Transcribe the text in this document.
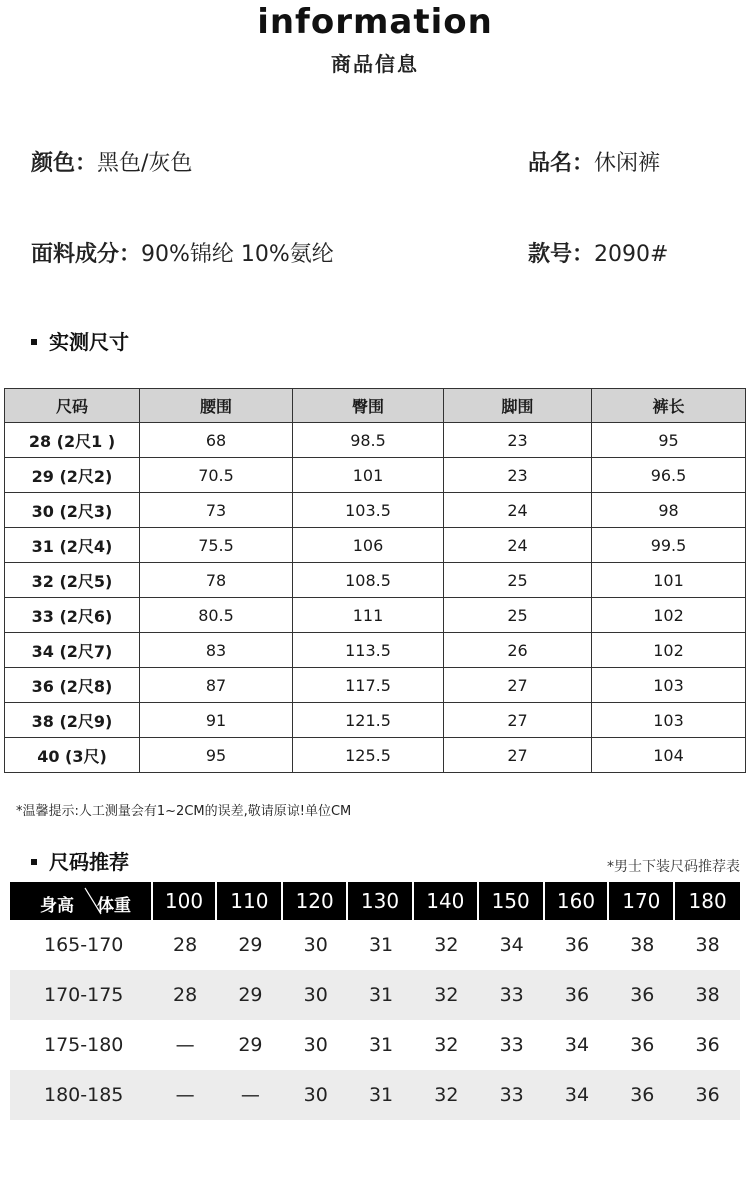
information
商品信息
颜色：黑色/灰色	品名：休闲裤
面料成分：90%锦纶 10%氨纶	款号：2090#
实测尺寸
尺码	腰围	臀围	脚围	裤长
28 (2尺1 )	68	98.5	23	95
29 (2尺2)	70.5	101	23	96.5
30 (2尺3)	73	103.5	24	98
31 (2尺4)	75.5	106	24	99.5
32 (2尺5)	78	108.5	25	101
33 (2尺6)	80.5	111	25	102
34 (2尺7)	83	113.5	26	102
36 (2尺8)	87	117.5	27	103
38 (2尺9)	91	121.5	27	103
40 (3尺)	95	125.5	27	104
*温馨提示:人工测量会有1~2CM的误差,敬请原谅!单位CM
尺码推荐	*男士下装尺码推荐表
身高 体重	100	110	120	130	140	150	160	170	180
165-170	28	29	30	31	32	34	36	38	38
170-175	28	29	30	31	32	33	36	36	38
175-180	—	29	30	31	32	33	34	36	36
180-185	—	—	30	31	32	33	34	36	36
